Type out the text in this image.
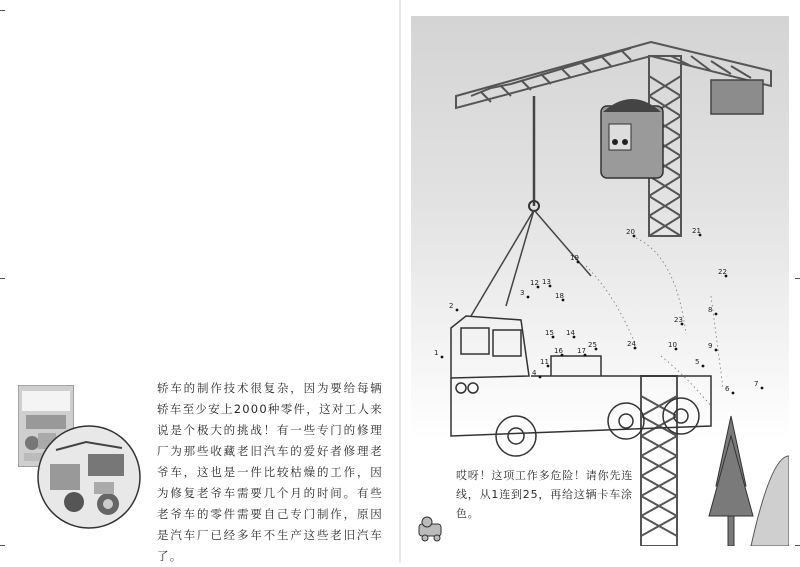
轿车的制作技术很复杂，因为要给每辆轿车至少安上2000种零件，这对工人来说是个极大的挑战！有一些专门的修理厂为那些收藏老旧汽车的爱好者修理老爷车，这也是一件比较枯燥的工作，因为修复老爷车需要几个月的时间。有些老爷车的零件需要自己专门制作，原因是汽车厂已经多年不生产这些老旧汽车了。
1
2
3
4
5
6
7
8
9
10
11
12 13
14
15
16 17
18
19
20	21
22
23
24
25
哎呀！这项工作多危险！请你先连线，从1连到25，再给这辆卡车涂色。
